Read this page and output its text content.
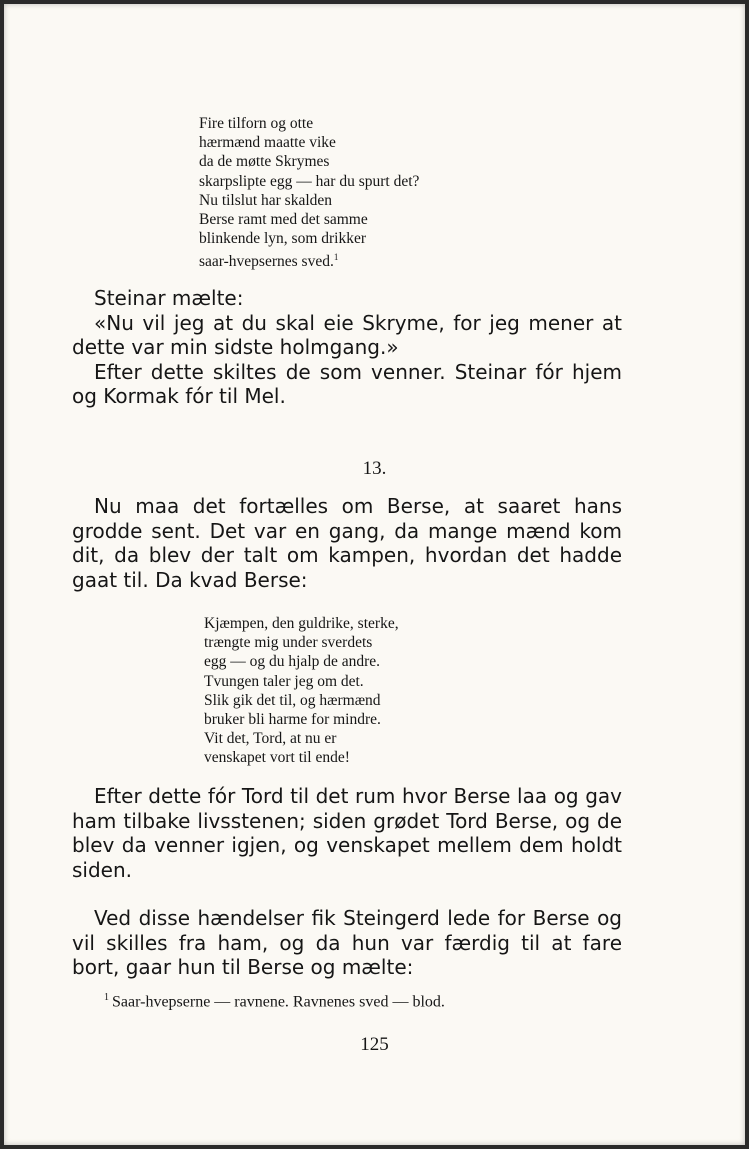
Fire tilforn og otte
hærmænd maatte vike
da de møtte Skrymes
skarpslipte egg — har du spurt det?
Nu tilslut har skalden
Berse ramt med det samme
blinkende lyn, som drikker
saar-hvepsernes sved.$^1$

Steinar mælte:

«Nu vil jeg at du skal eie Skryme, for jeg mener at dette var min sidste holmgang.»

Efter dette skiltes de som venner. Steinar fór hjem og Kormak fór til Mel.

13.

Nu maa det fortælles om Berse, at saaret hans grodde sent. Det var en gang, da mange mænd kom dit, da blev der talt om kampen, hvordan det hadde gaat til. Da kvad Berse:

Kjæmpen, den guldrike, sterke,
trængte mig under sverdets
egg — og du hjalp de andre.
Tvungen taler jeg om det.
Slik gik det til, og hærmænd
bruker bli harme for mindre.
Vit det, Tord, at nu er
venskapet vort til ende!

Efter dette fór Tord til det rum hvor Berse laa og gav ham tilbake livsstenen; siden grødet Tord Berse, og de blev da venner igjen, og venskapet mellem dem holdt siden.

Ved disse hændelser fik Steingerd lede for Berse og vil skilles fra ham, og da hun var færdig til at fare bort, gaar hun til Berse og mælte:

$^1$ Saar-hvepserne — ravnene. Ravnenes sved — blod.
125
